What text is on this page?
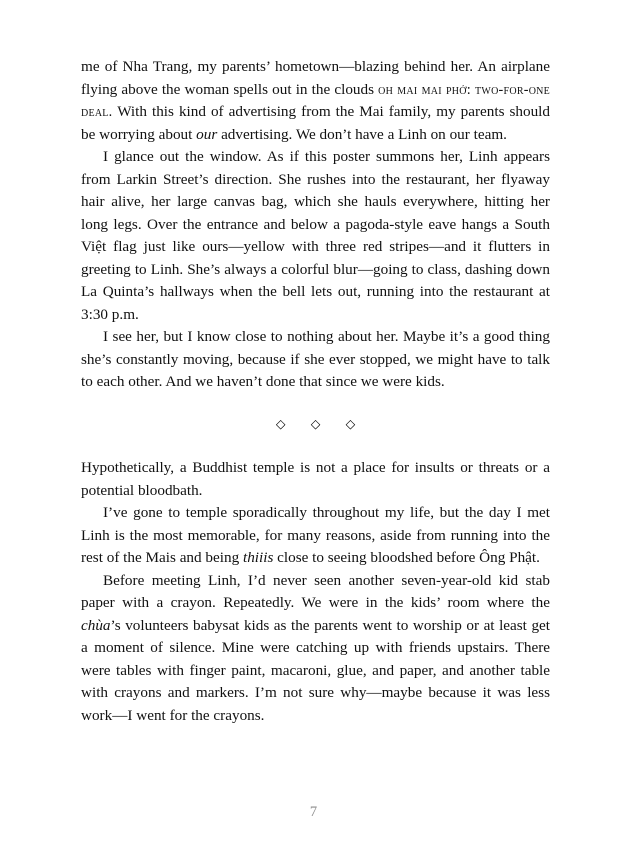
me of Nha Trang, my parents’ hometown—blazing behind her. An airplane flying above the woman spells out in the clouds oh mai mai phở: two-for-one deal. With this kind of advertising from the Mai family, my parents should be worrying about our advertising. We don’t have a Linh on our team.

I glance out the window. As if this poster summons her, Linh appears from Larkin Street’s direction. She rushes into the restaurant, her flyaway hair alive, her large canvas bag, which she hauls everywhere, hitting her long legs. Over the entrance and below a pagoda-style eave hangs a South Việt flag just like ours—yellow with three red stripes—and it flutters in greeting to Linh. She’s always a colorful blur—going to class, dashing down La Quinta’s hallways when the bell lets out, running into the restaurant at 3:30 p.m.

I see her, but I know close to nothing about her. Maybe it’s a good thing she’s constantly moving, because if she ever stopped, we might have to talk to each other. And we haven’t done that since we were kids.

◇ ◇ ◇

Hypothetically, a Buddhist temple is not a place for insults or threats or a potential bloodbath.

I’ve gone to temple sporadically throughout my life, but the day I met Linh is the most memorable, for many reasons, aside from running into the rest of the Mais and being thiiis close to seeing bloodshed before Ông Phật.

Before meeting Linh, I’d never seen another seven-year-old kid stab paper with a crayon. Repeatedly. We were in the kids’ room where the chùa’s volunteers babysat kids as the parents went to worship or at least get a moment of silence. Mine were catching up with friends upstairs. There were tables with finger paint, macaroni, glue, and paper, and another table with crayons and markers. I’m not sure why—maybe because it was less work—I went for the crayons.

7
